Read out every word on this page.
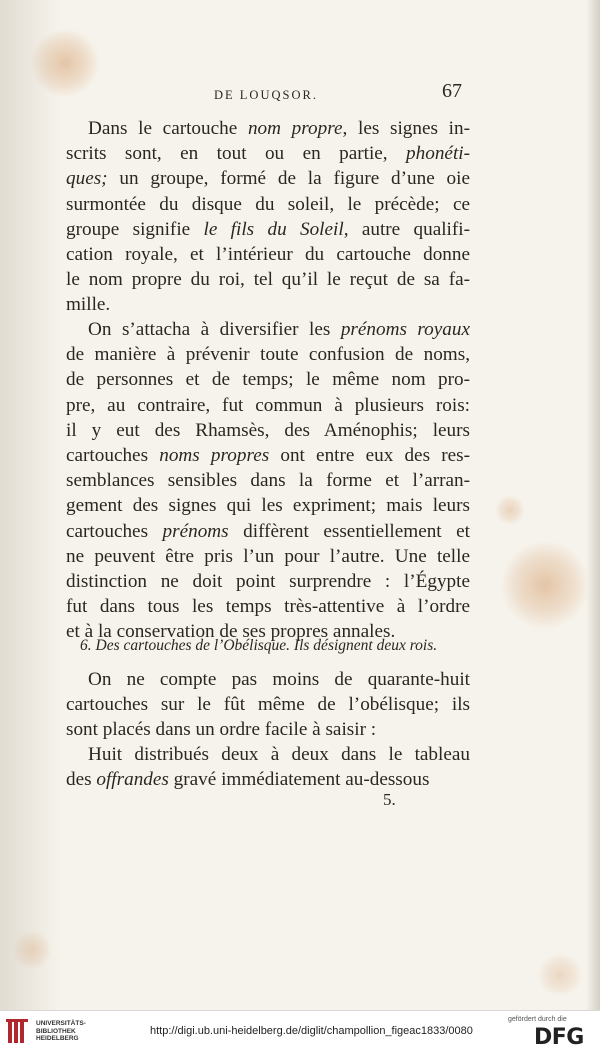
DE LOUQSOR.	67
Dans le cartouche nom propre, les signes in-
scrits sont, en tout ou en partie, phonéti-
ques; un groupe, formé de la figure d’une oie
surmontée du disque du soleil, le précède; ce
groupe signifie le fils du Soleil, autre qualifi-
cation royale, et l’intérieur du cartouche donne
le nom propre du roi, tel qu’il le reçut de sa fa-
mille.
On s’attacha à diversifier les prénoms royaux
de manière à prévenir toute confusion de noms,
de personnes et de temps; le même nom pro-
pre, au contraire, fut commun à plusieurs rois:
il y eut des Rhamsès, des Aménophis; leurs
cartouches noms propres ont entre eux des res-
semblances sensibles dans la forme et l’arran-
gement des signes qui les expriment; mais leurs
cartouches prénoms diffèrent essentiellement et
ne peuvent être pris l’un pour l’autre. Une telle
distinction ne doit point surprendre : l’Égypte
fut dans tous les temps très-attentive à l’ordre
et à la conservation de ses propres annales.
6. Des cartouches de l’Obélisque. Ils désignent deux rois.
On ne compte pas moins de quarante-huit
cartouches sur le fût même de l’obélisque; ils
sont placés dans un ordre facile à saisir :
Huit distribués deux à deux dans le tableau
des offrandes gravé immédiatement au-dessous
5.
UNIVERSITÄTS-
BIBLIOTHEK
HEIDELBERG
http://digi.ub.uni-heidelberg.de/diglit/champollion_figeac1833/0080
gefördert durch die
DFG
